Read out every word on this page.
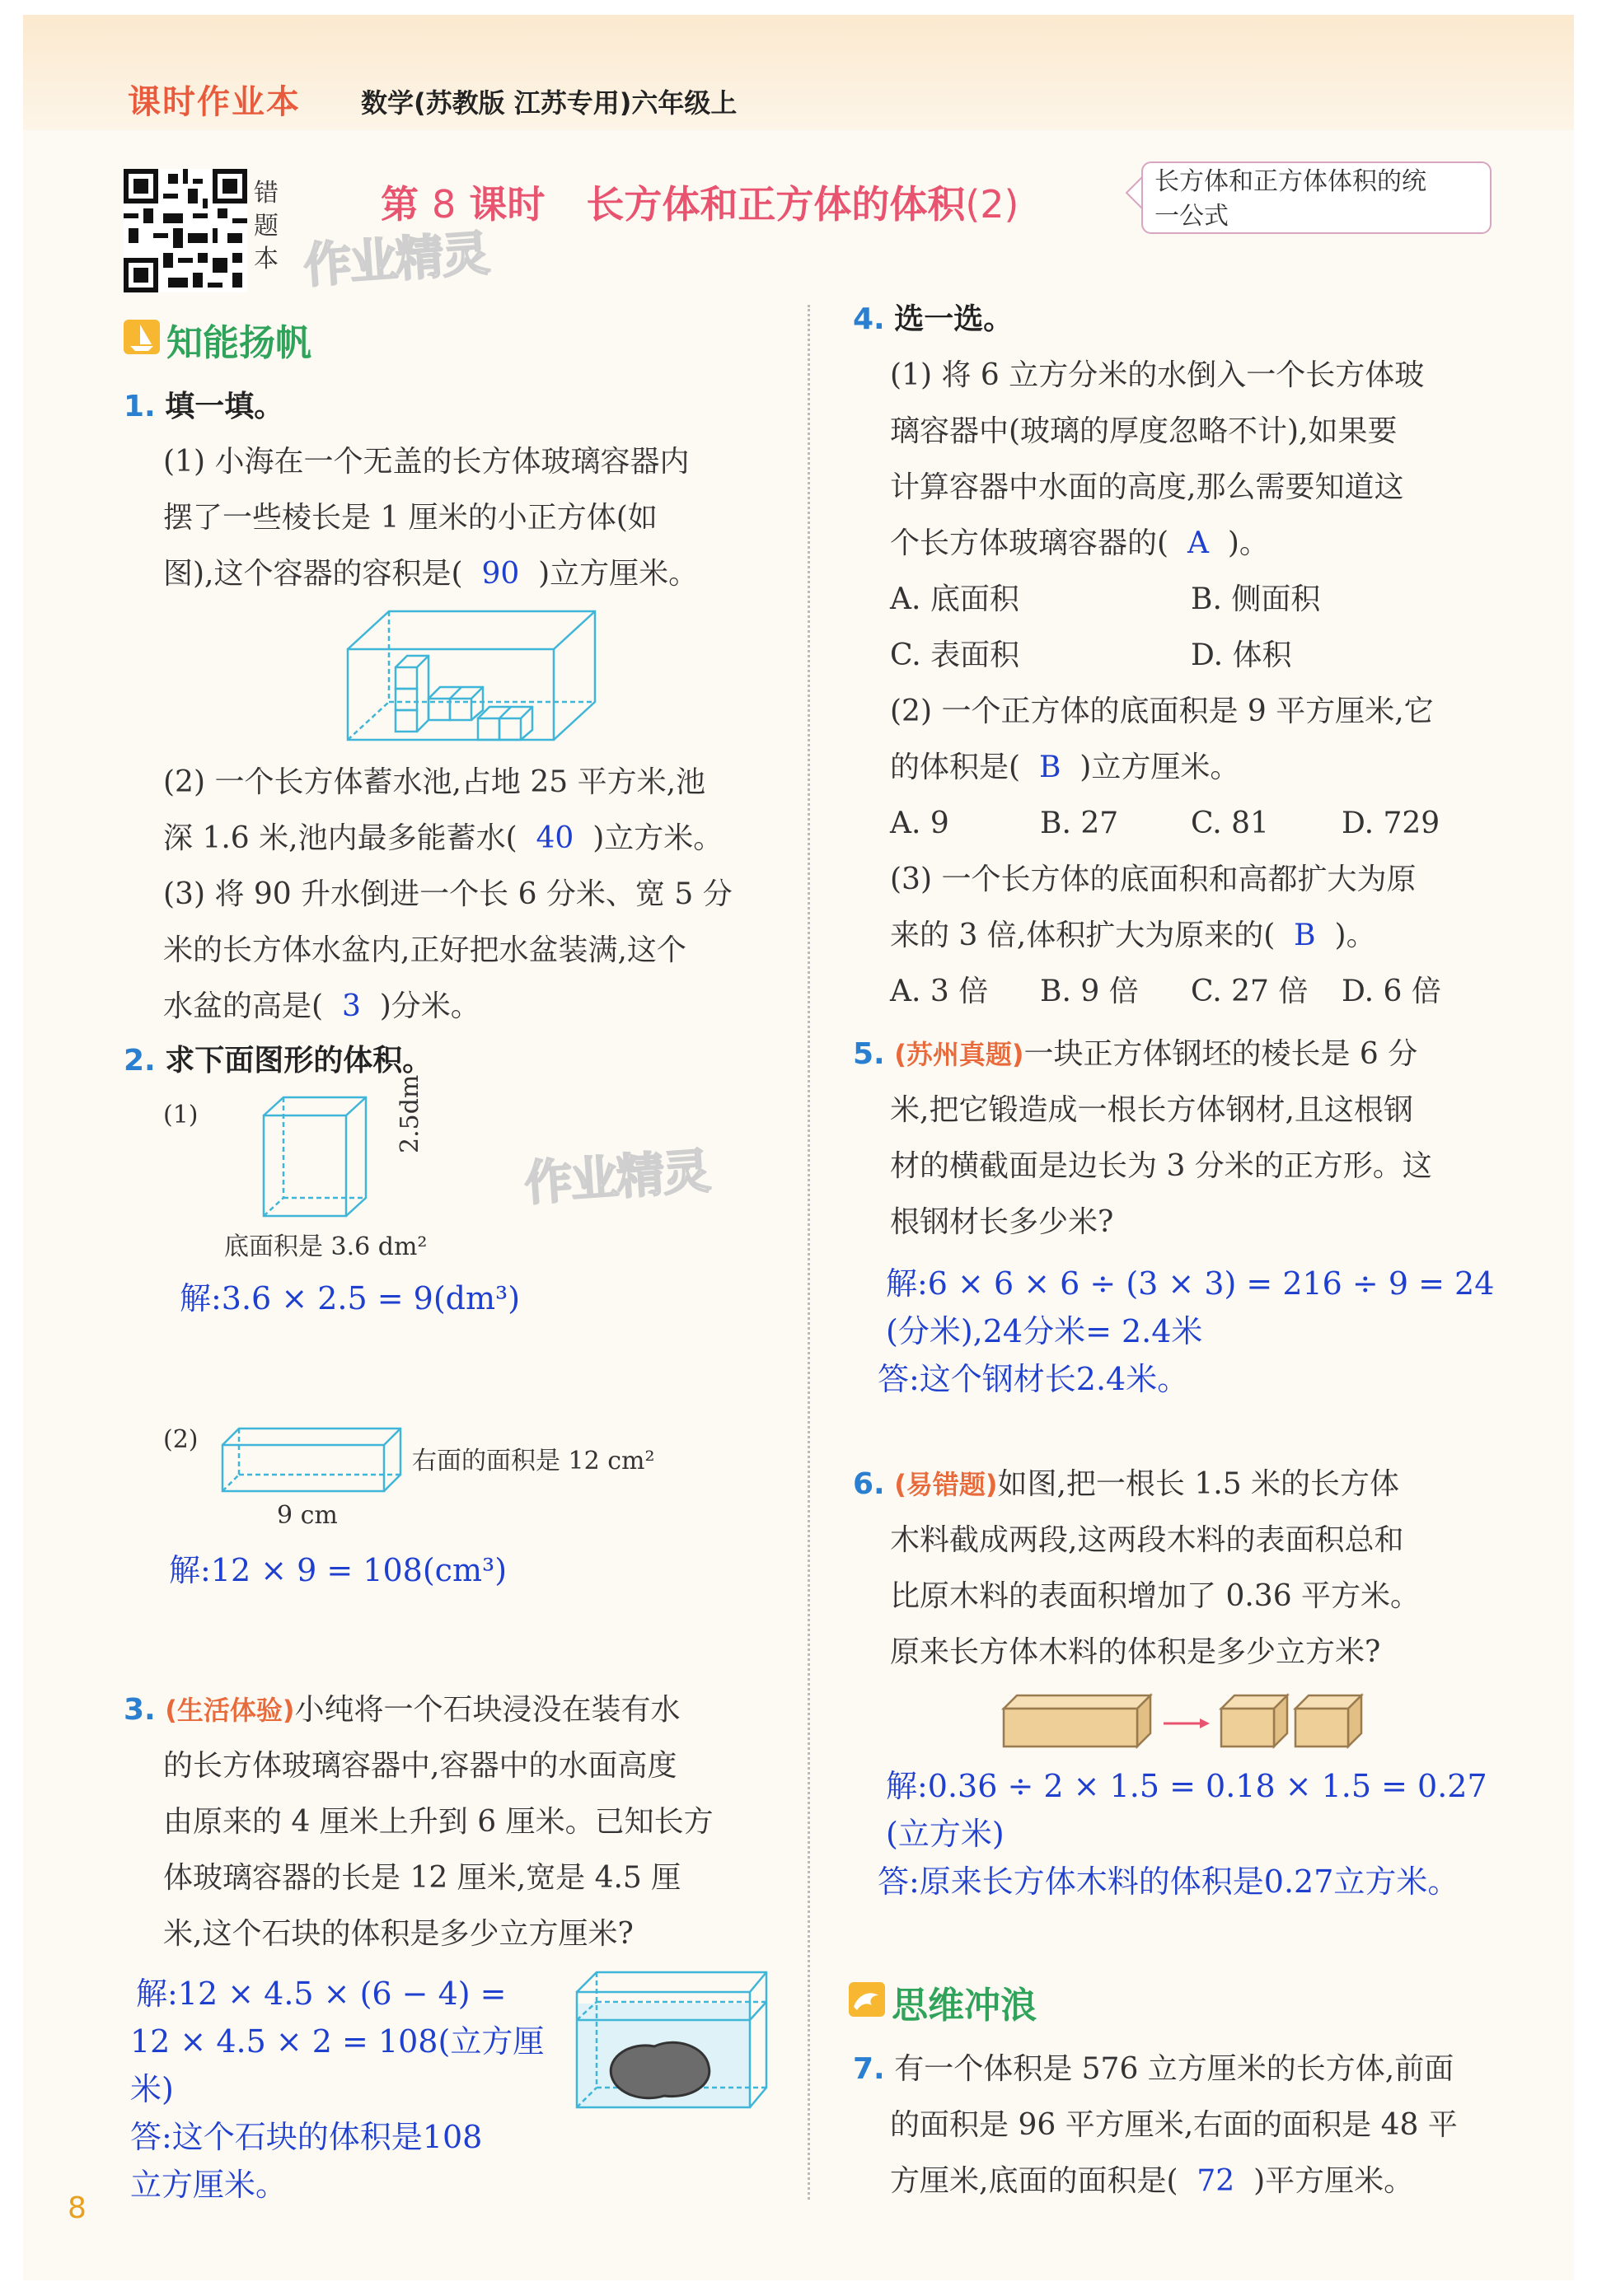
课时作业本 数学(苏教版 江苏专用)六年级上
错题本 作业精灵
作业精灵
第 8 课时 长方体和正方体的体积(2)
长方体和正方体体积的统
一公式
知能扬帆
1. 填一填。
(1) 小海在一个无盖的长方体玻璃容器内
摆了一些棱长是 1 厘米的小正方体(如
图),这个容器的容积是( 90 )立方厘米。
(2) 一个长方体蓄水池,占地 25 平方米,池
深 1.6 米,池内最多能蓄水( 40 )立方米。
(3) 将 90 升水倒进一个长 6 分米、宽 5 分
米的长方体水盆内,正好把水盆装满,这个
水盆的高是( 3 )分米。
2. 求下面图形的体积。
(1)	2.5dm
底面积是 3.6 dm²
解:3.6 × 2.5 = 9(dm³)
(2)
右面的面积是 12 cm²
9 cm
解:12 × 9 = 108(cm³)
3. (生活体验)小纯将一个石块浸没在装有水
的长方体玻璃容器中,容器中的水面高度
由原来的 4 厘米上升到 6 厘米。已知长方
体玻璃容器的长是 12 厘米,宽是 4.5 厘
米,这个石块的体积是多少立方厘米?
解:12 × 4.5 × (6 − 4) =
12 × 4.5 × 2 = 108(立方厘
米)
答:这个石块的体积是108
立方厘米。
8
4. 选一选。
(1) 将 6 立方分米的水倒入一个长方体玻
璃容器中(玻璃的厚度忽略不计),如果要
计算容器中水面的高度,那么需要知道这
个长方体玻璃容器的( A )。
A. 底面积	B. 侧面积
C. 表面积	D. 体积
(2) 一个正方体的底面积是 9 平方厘米,它
的体积是( B )立方厘米。
A. 9	B. 27 C. 81 D. 729
(3) 一个长方体的底面积和高都扩大为原
来的 3 倍,体积扩大为原来的( B )。
A. 3 倍 B. 9 倍 C. 27 倍 D. 6 倍
5. (苏州真题)一块正方体钢坯的棱长是 6 分
米,把它锻造成一根长方体钢材,且这根钢
材的横截面是边长为 3 分米的正方形。这
根钢材长多少米?
解:6 × 6 × 6 ÷ (3 × 3) = 216 ÷ 9 = 24
(分米),24分米= 2.4米
答:这个钢材长2.4米。
6. (易错题)如图,把一根长 1.5 米的长方体
木料截成两段,这两段木料的表面积总和
比原木料的表面积增加了 0.36 平方米。
原来长方体木料的体积是多少立方米?
解:0.36 ÷ 2 × 1.5 = 0.18 × 1.5 = 0.27
(立方米)
答:原来长方体木料的体积是0.27立方米。
思维冲浪
7. 有一个体积是 576 立方厘米的长方体,前面
的面积是 96 平方厘米,右面的面积是 48 平
方厘米,底面的面积是( 72 )平方厘米。
